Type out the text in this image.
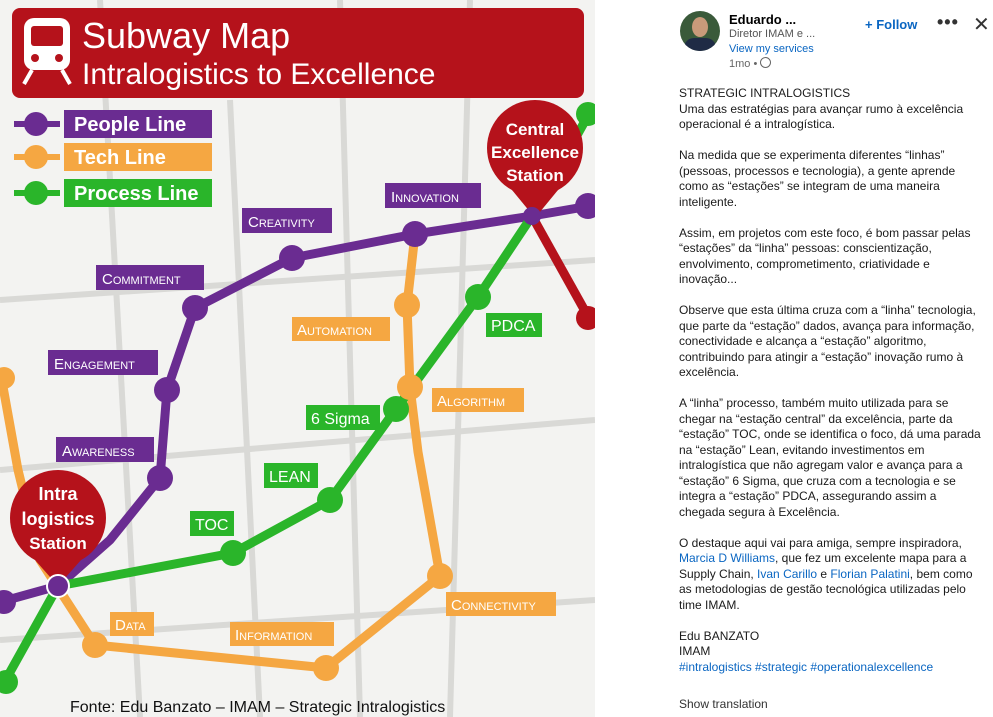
Subway Map
Intralogistics to Excellence
People Line
Tech Line
Process Line
Central
Excellence
Station
Intra
logistics
Station
Awareness
Engagement
Commitment
Creativity
Innovation
Data
Information
Connectivity
Algorithm
Automation
TOC
LEAN
6 Sigma
PDCA
Fonte: Edu Banzato – IMAM – Strategic Intralogistics
Eduardo ...
Diretor IMAM e ...
View my services
1mo •
+ Follow ••• ✕

STRATEGIC INTRALOGISTICS
Uma das estratégias para avançar rumo à excelência operacional é a intralogística.

Na medida que se experimenta diferentes “linhas” (pessoas, processos e tecnologia), a gente aprende como as “estações” se integram de uma maneira inteligente.

Assim, em projetos com este foco, é bom passar pelas “estações” da “linha” pessoas: conscientização, envolvimento, comprometimento, criatividade e inovação...

Observe que esta última cruza com a “linha” tecnologia, que parte da “estação” dados, avança para informação, conectividade e alcança a “estação” algoritmo, contribuindo para atingir a “estação” inovação rumo à excelência.

A “linha” processo, também muito utilizada para se chegar na “estação central” da excelência, parte da “estação” TOC, onde se identifica o foco, dá uma parada na “estação” Lean, evitando investimentos em intralogística que não agregam valor e avança para a “estação” 6 Sigma, que cruza com a tecnologia e se integra a “estação” PDCA, assegurando assim a chegada segura à Excelência.

O destaque aqui vai para amiga, sempre inspiradora, Marcia D Williams, que fez um excelente mapa para a Supply Chain, Ivan Carillo e Florian Palatini, bem como as metodologias de gestão tecnológica utilizadas pelo time IMAM.

Edu BANZATO
IMAM
#intralogistics #strategic #operationalexcellence
Show translation
